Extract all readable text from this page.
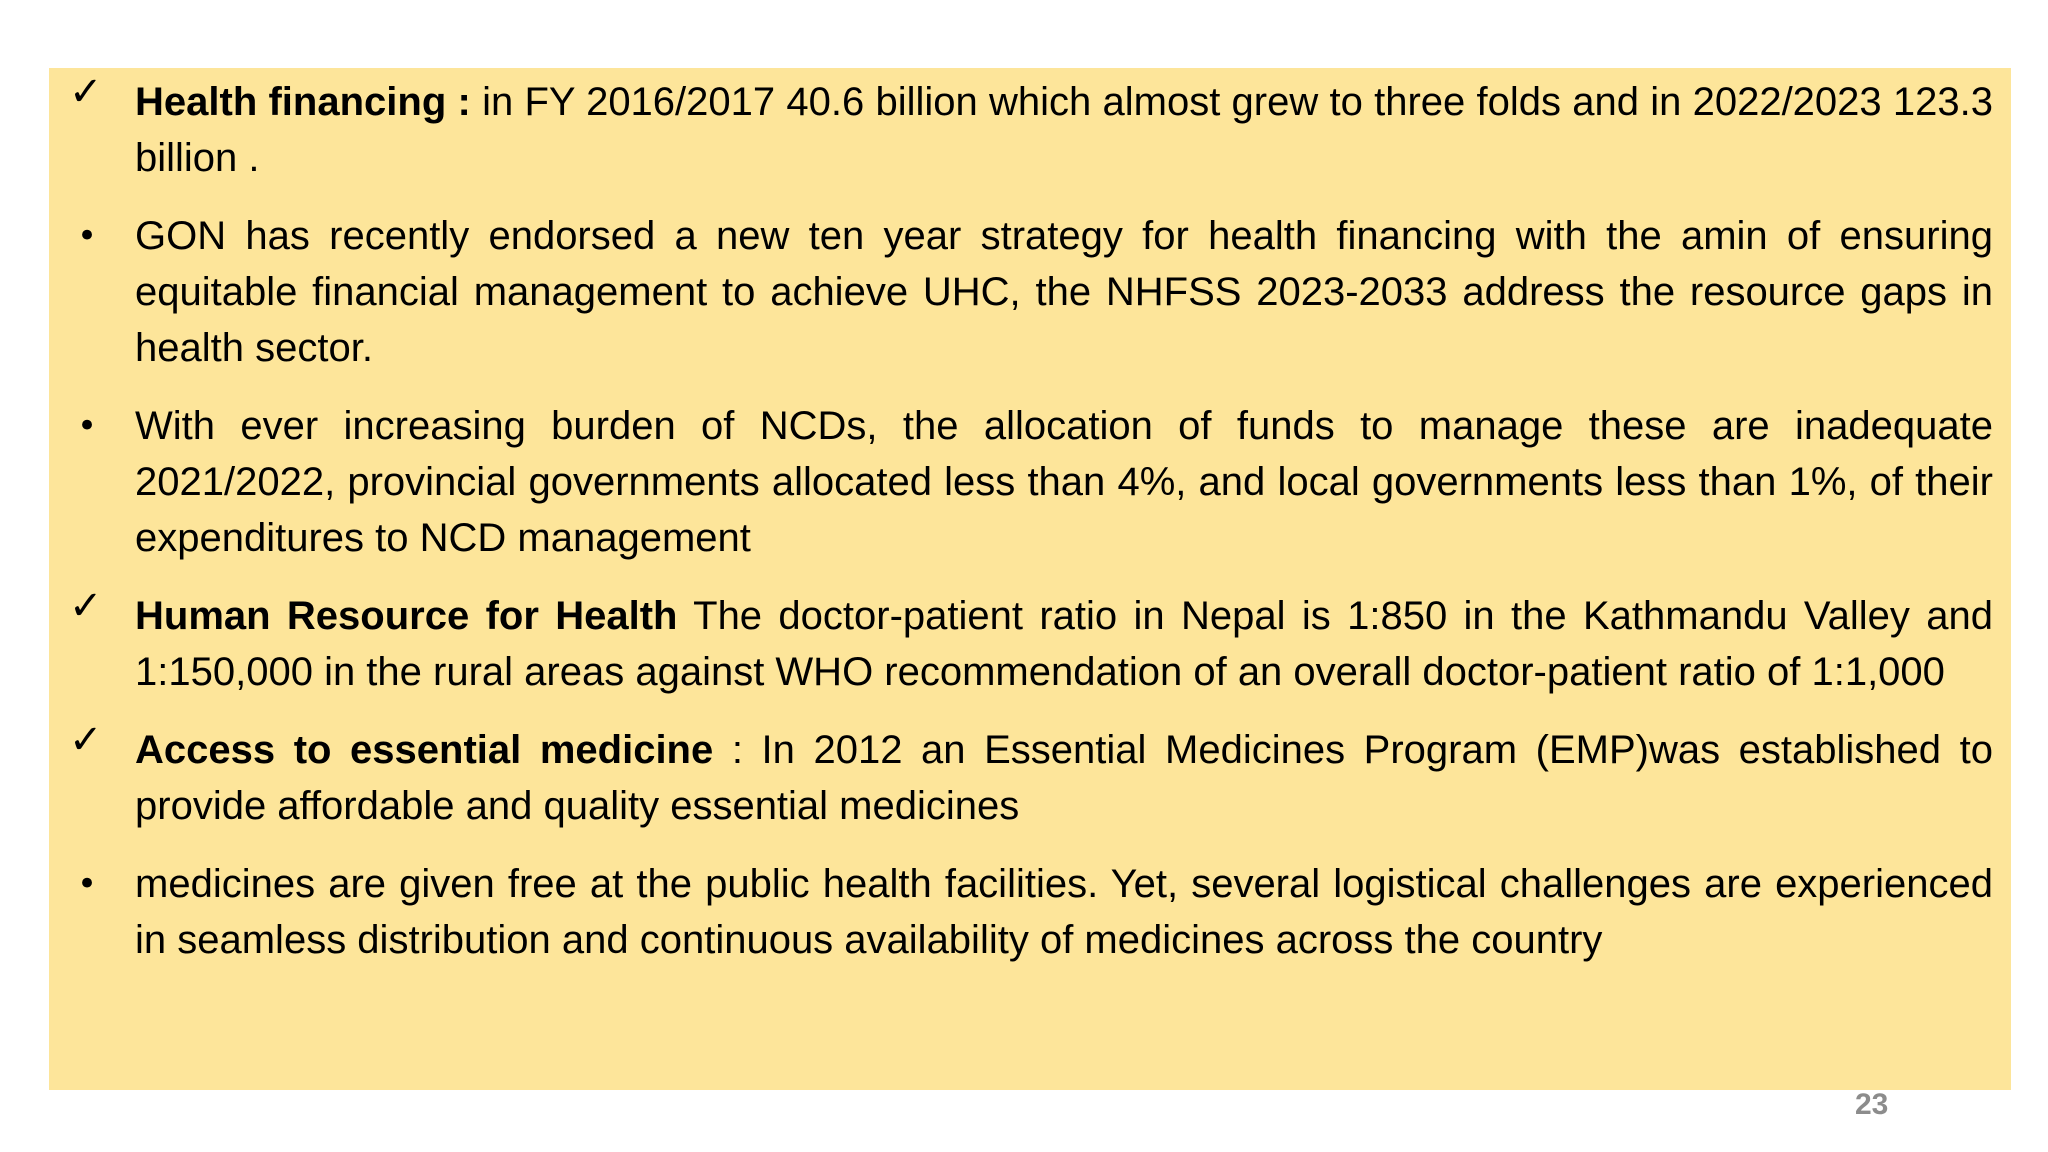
✓ Health financing : in FY 2016/2017 40.6 billion which almost grew to three folds and in 2022/2023 123.3 billion .
• GON has recently endorsed a new ten year strategy for health financing with the amin of ensuring equitable financial management to achieve UHC, the NHFSS 2023-2033 address the resource gaps in health sector.
• With ever increasing burden of NCDs, the allocation of funds to manage these are inadequate 2021/2022, provincial governments allocated less than 4%, and local governments less than 1%, of their expenditures to NCD management
✓ Human Resource for Health The doctor-patient ratio in Nepal is 1:850 in the Kathmandu Valley and 1:150,000 in the rural areas against WHO recommendation of an overall doctor-patient ratio of 1:1,000
✓ Access to essential medicine : In 2012 an Essential Medicines Program (EMP)was established to provide affordable and quality essential medicines
• medicines are given free at the public health facilities. Yet, several logistical challenges are experienced in seamless distribution and continuous availability of medicines across the country
23
